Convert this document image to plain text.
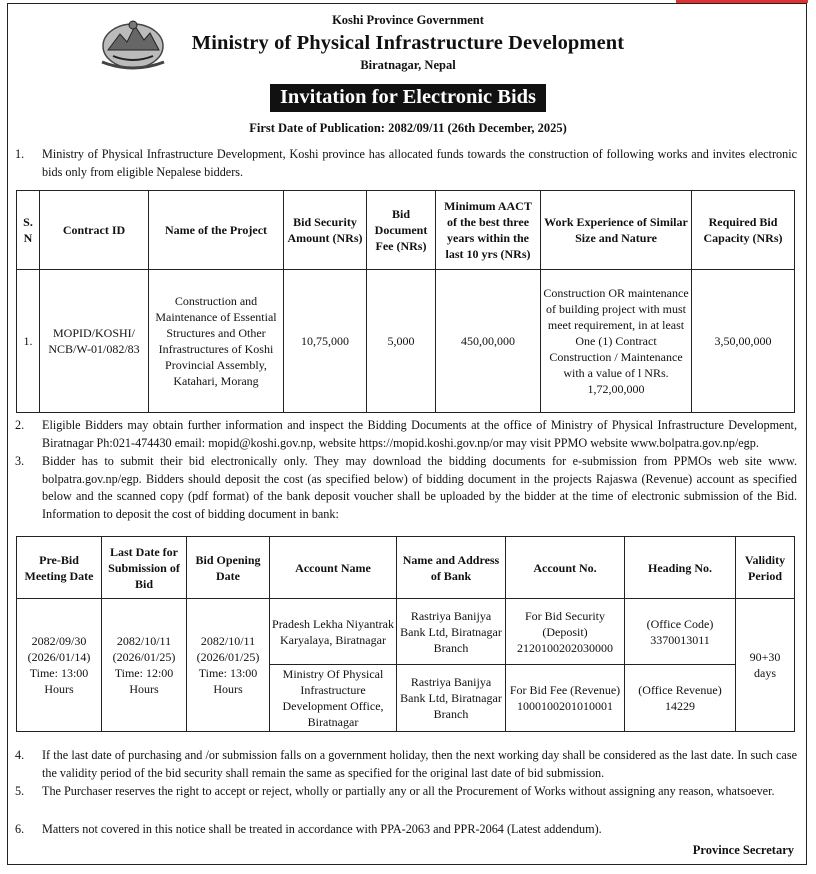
Koshi Province Government
Ministry of Physical Infrastructure Development
Biratnagar, Nepal
Invitation for Electronic Bids
First Date of Publication: 2082/09/11 (26th December, 2025)
1. Ministry of Physical Infrastructure Development, Koshi province has allocated funds towards the construction of following works and invites electronic bids only from eligible Nepalese bidders.
S. N	Contract ID	Name of the Project	Bid Security Amount (NRs)	Bid Document Fee (NRs)	Minimum AACT of the best three years within the last 10 yrs (NRs)	Work Experience of Similar Size and Nature	Required Bid Capacity (NRs)
1.	MOPID/KOSHI/ NCB/W-01/082/83	Construction and Maintenance of Essential Structures and Other Infrastructures of Koshi Provincial Assembly, Katahari, Morang	10,75,000	5,000	450,00,000	Construction OR maintenance of building project with must meet requirement, in at least One (1) Contract Construction / Maintenance with a value of l NRs. 1,72,00,000	3,50,00,000

2. Eligible Bidders may obtain further information and inspect the Bidding Documents at the office of Ministry of Physical Infrastructure Development, Biratnagar Ph:021-474430 email: mopid@koshi.gov.np, website https://mopid.koshi.gov.np/or may visit PPMO website www.bolpatra.gov.np/egp.
3. Bidder has to submit their bid electronically only. They may download the bidding documents for e-submission from PPMOs web site www. bolpatra.gov.np/egp. Bidders should deposit the cost (as specified below) of bidding document in the projects Rajaswa (Revenue) account as specified below and the scanned copy (pdf format) of the bank deposit voucher shall be uploaded by the bidder at the time of electronic submission of the Bid. Information to deposit the cost of bidding document in bank:
Pre-Bid Meeting Date	Last Date for Submission of Bid	Bid Opening Date	Account Name	Name and Address of Bank	Account No.	Heading No.	Validity Period
2082/09/30 (2026/01/14) Time: 13:00 Hours	2082/10/11 (2026/01/25) Time: 12:00 Hours	2082/10/11 (2026/01/25) Time: 13:00 Hours	Pradesh Lekha Niyantrak Karyalaya, Biratnagar	Rastriya Banijya Bank Ltd, Biratnagar Branch	For Bid Security (Deposit) 2120100202030000	(Office Code) 3370013011	90+30 days
			Ministry Of Physical Infrastructure Development Office, Biratnagar	Rastriya Banijya Bank Ltd, Biratnagar Branch	For Bid Fee (Revenue) 1000100201010001	(Office Revenue) 14229	
4. If the last date of purchasing and /or submission falls on a government holiday, then the next working day shall be considered as the last date. In such case the validity period of the bid security shall remain the same as specified for the original last date of bid submission.
5. The Purchaser reserves the right to accept or reject, wholly or partially any or all the Procurement of Works without assigning any reason, whatsoever.
6. Matters not covered in this notice shall be treated in accordance with PPA-2063 and PPR-2064 (Latest addendum).
Province Secretary
